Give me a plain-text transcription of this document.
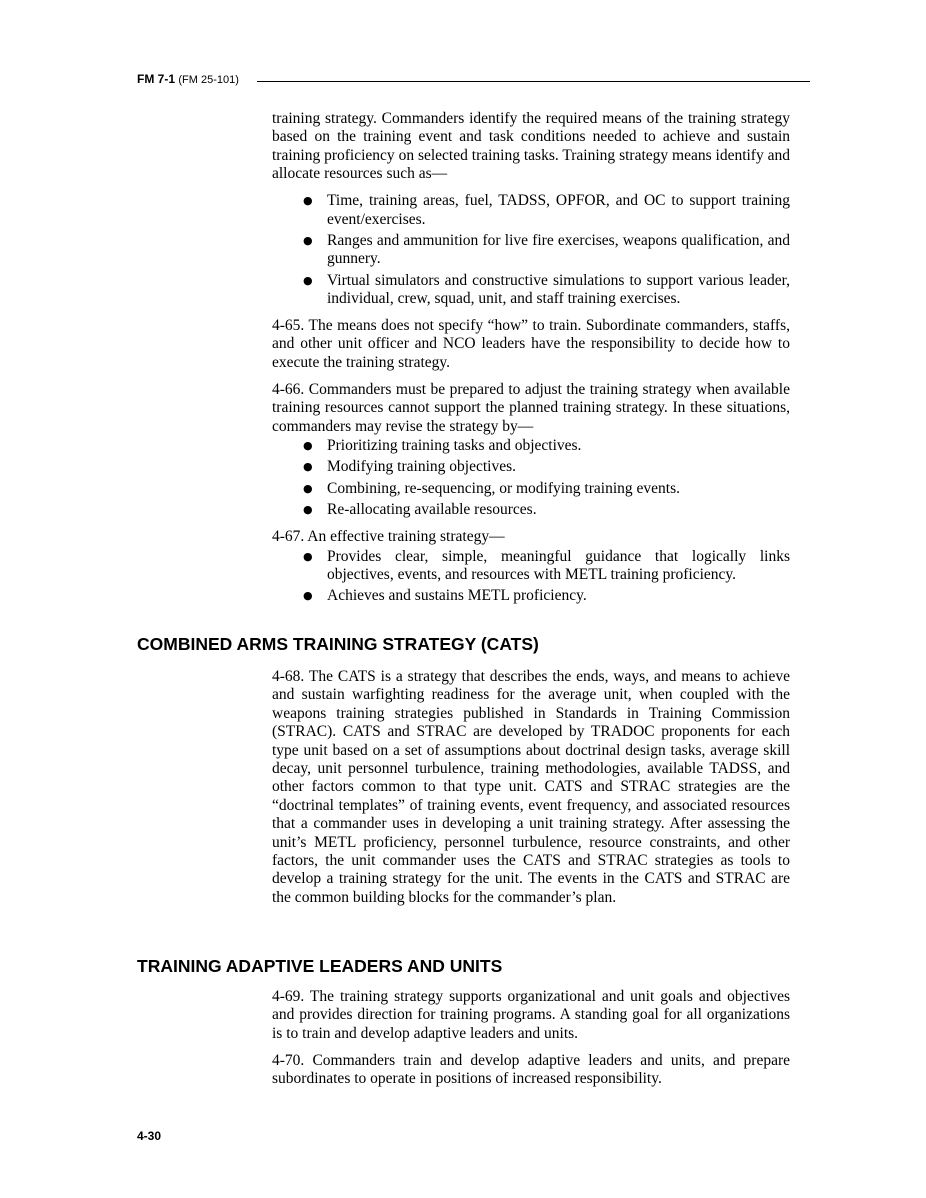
FM 7-1 (FM 25-101)

training strategy. Commanders identify the required means of the training strategy based on the training event and task conditions needed to achieve and sustain training proficiency on selected training tasks. Training strategy means identify and allocate resources such as—

● Time, training areas, fuel, TADSS, OPFOR, and OC to support training event/exercises.
● Ranges and ammunition for live fire exercises, weapons qualification, and gunnery.
● Virtual simulators and constructive simulations to support various leader, individual, crew, squad, unit, and staff training exercises.

4-65. The means does not specify “how” to train. Subordinate commanders, staffs, and other unit officer and NCO leaders have the responsibility to decide how to execute the training strategy.

4-66. Commanders must be prepared to adjust the training strategy when available training resources cannot support the planned training strategy. In these situations, commanders may revise the strategy by—

● Prioritizing training tasks and objectives.
● Modifying training objectives.
● Combining, re-sequencing, or modifying training events.
● Re-allocating available resources.

4-67. An effective training strategy—

● Provides clear, simple, meaningful guidance that logically links objectives, events, and resources with METL training proficiency.
● Achieves and sustains METL proficiency.
COMBINED ARMS TRAINING STRATEGY (CATS)

4-68. The CATS is a strategy that describes the ends, ways, and means to achieve and sustain warfighting readiness for the average unit, when coupled with the weapons training strategies published in Standards in Training Commission (STRAC). CATS and STRAC are developed by TRADOC proponents for each type unit based on a set of assumptions about doctrinal design tasks, average skill decay, unit personnel turbulence, training methodologies, available TADSS, and other factors common to that type unit. CATS and STRAC strategies are the “doctrinal templates” of training events, event frequency, and associated resources that a commander uses in developing a unit training strategy. After assessing the unit’s METL proficiency, personnel turbulence, resource constraints, and other factors, the unit commander uses the CATS and STRAC strategies as tools to develop a training strategy for the unit. The events in the CATS and STRAC are the common building blocks for the commander’s plan.

TRAINING ADAPTIVE LEADERS AND UNITS

4-69. The training strategy supports organizational and unit goals and objectives and provides direction for training programs. A standing goal for all organizations is to train and develop adaptive leaders and units.

4-70. Commanders train and develop adaptive leaders and units, and prepare subordinates to operate in positions of increased responsibility.

4-30
